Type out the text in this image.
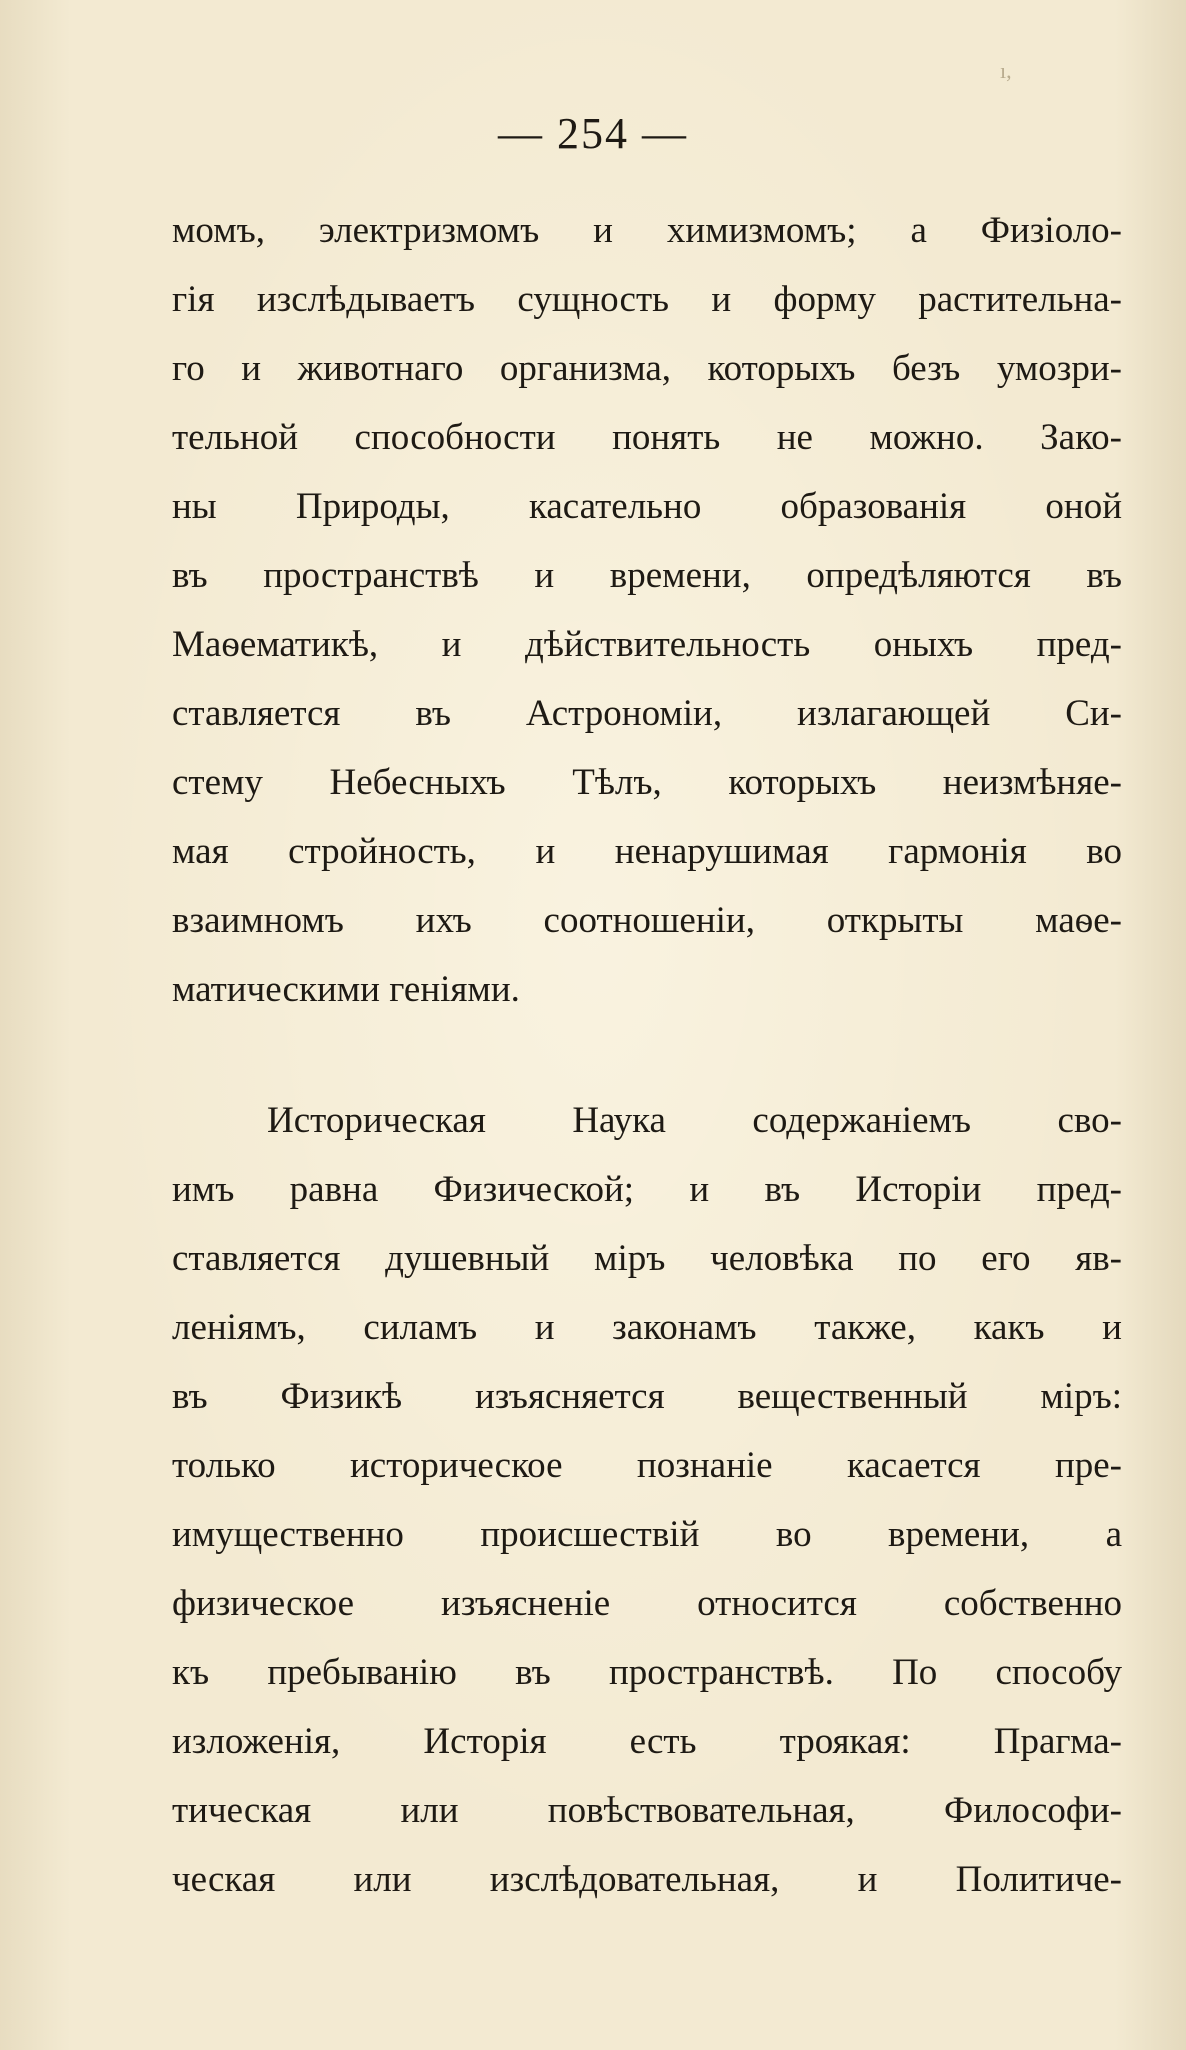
ı,
— 254 —
момъ, электризмомъ и химизмомъ; а Физіоло-
гія изслѣдываетъ сущность и форму растительна-
го и животнаго организма, которыхъ безъ умозри-
тельной способности понять не можно. Зако-
ны Природы, касательно образованія оной
въ пространствѣ и времени, опредѣляются въ
Маѳематикѣ, и дѣйствительность оныхъ пред-
ставляется въ Астрономіи, излагающей Си-
стему Небесныхъ Тѣлъ, которыхъ неизмѣняе-
мая стройность, и ненарушимая гармонія во
взаимномъ ихъ соотношеніи, открыты маѳе-
матическими геніями.
Историческая Наука содержаніемъ сво-
имъ равна Физической; и въ Исторіи пред-
ставляется душевный міръ человѣка по его яв-
леніямъ, силамъ и законамъ также, какъ и
въ Физикѣ изъясняется вещественный міръ:
только историческое познаніе касается пре-
имущественно происшествій во времени, а
физическое изъясненіе относится собственно
къ пребыванію въ пространствѣ. По способу
изложенія, Исторія есть троякая: Прагма-
тическая или повѣствовательная, Философи-
ческая или изслѣдовательная, и Политиче-
